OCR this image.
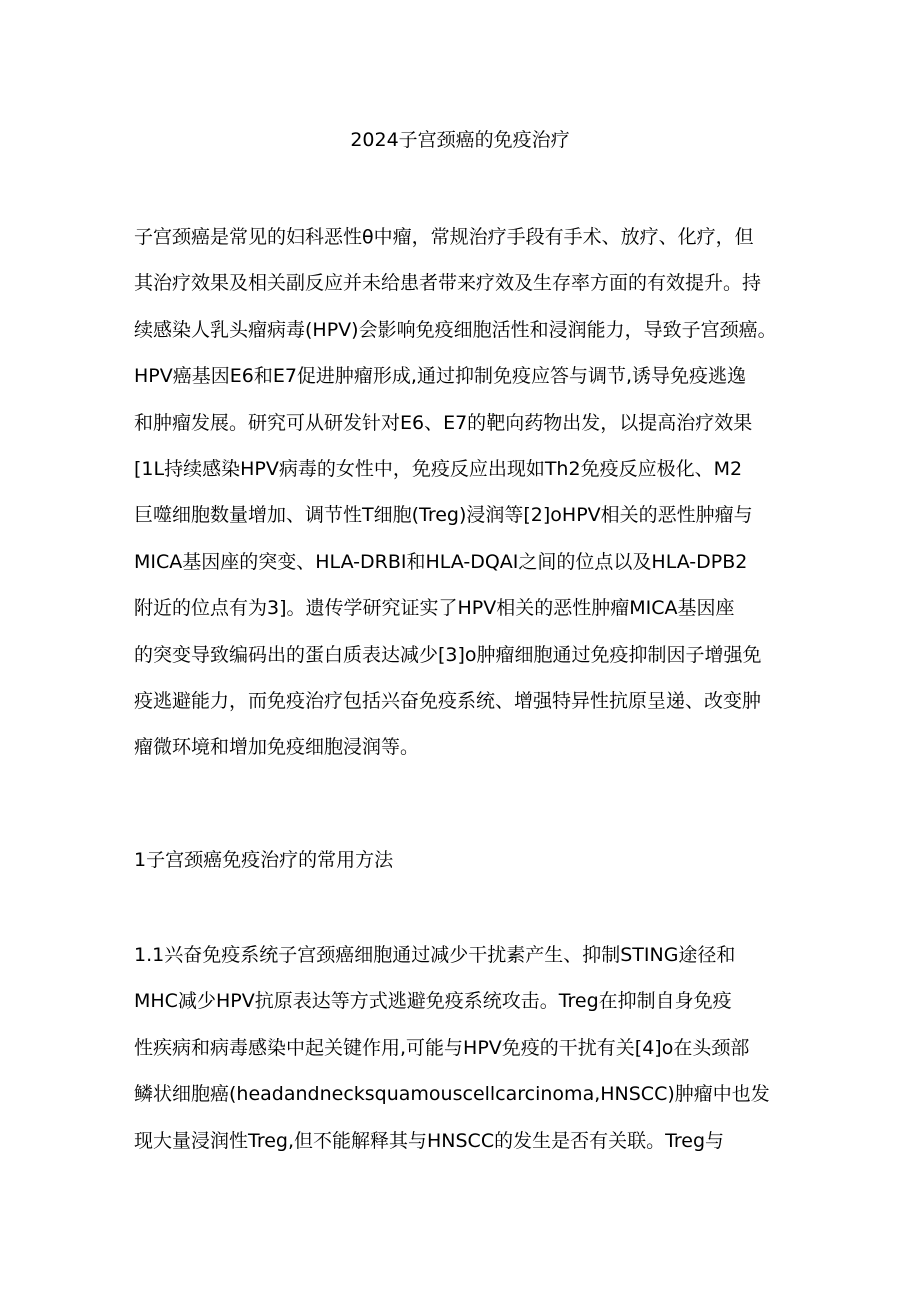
2024子宫颈癌的免疫治疗
子宫颈癌是常见的妇科恶性θ中瘤，常规治疗手段有手术、放疗、化疗，但
其治疗效果及相关副反应并未给患者带来疗效及生存率方面的有效提升。持
续感染人乳头瘤病毒(HPV)会影响免疫细胞活性和浸润能力，导致子宫颈癌。
HPV癌基因E6和E7促进肿瘤形成,通过抑制免疫应答与调节,诱导免疫逃逸
和肿瘤发展。研究可从研发针对E6、E7的靶向药物出发，以提高治疗效果
[1L持续感染HPV病毒的女性中，免疫反应出现如Th2免疫反应极化、M2
巨噬细胞数量增加、调节性T细胞(Treg)浸润等[2]oHPV相关的恶性肿瘤与
MICA基因座的突变、HLA-DRBI和HLA-DQAI之间的位点以及HLA-DPB2
附近的位点有为3]。遗传学研究证实了HPV相关的恶性肿瘤MICA基因座
的突变导致编码出的蛋白质表达减少[3]o肿瘤细胞通过免疫抑制因子增强免
疫逃避能力，而免疫治疗包括兴奋免疫系统、增强特异性抗原呈递、改变肿
瘤微环境和增加免疫细胞浸润等。
1子宫颈癌免疫治疗的常用方法
1.1兴奋免疫系统子宫颈癌细胞通过减少干扰素产生、抑制STING途径和
MHC减少HPV抗原表达等方式逃避免疫系统攻击。Treg在抑制自身免疫
性疾病和病毒感染中起关键作用,可能与HPV免疫的干扰有关[4]o在头颈部
鳞状细胞癌(headandnecksquamouscellcarcinoma,HNSCC)肿瘤中也发
现大量浸润性Treg,但不能解释其与HNSCC的发生是否有关联。Treg与
